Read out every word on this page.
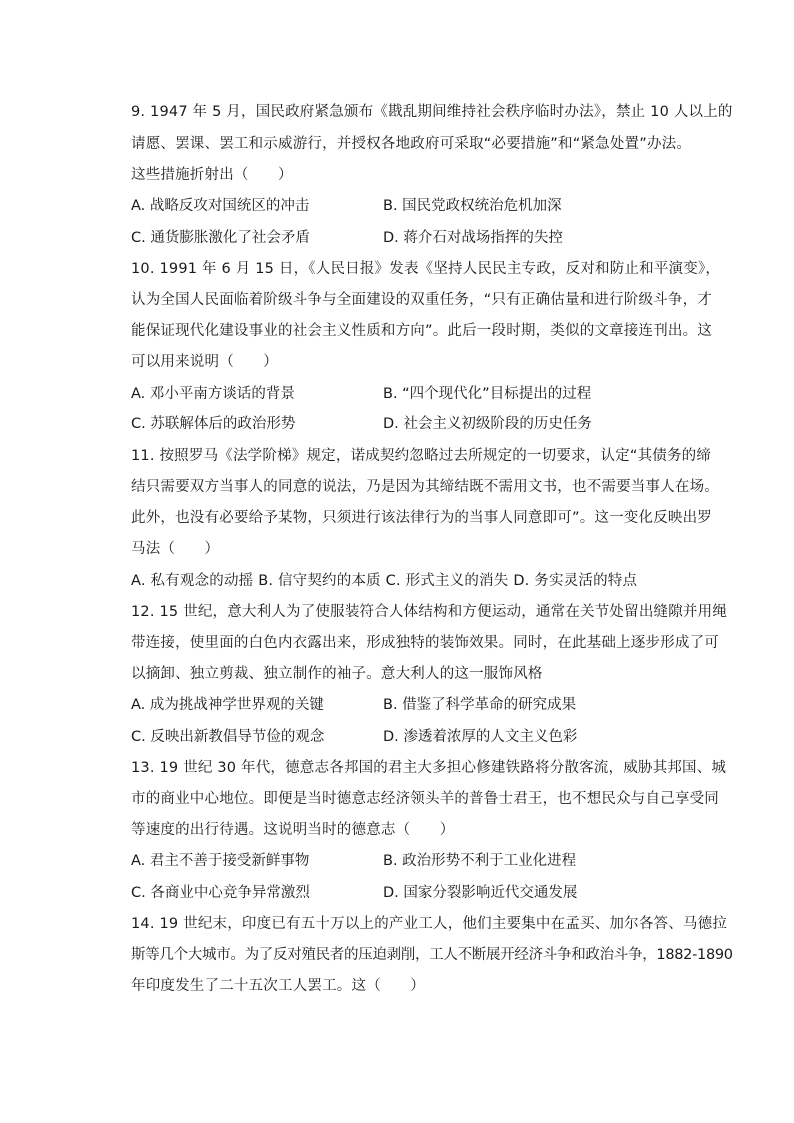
9. 1947 年 5 月，国民政府紧急颁布《戡乱期间维持社会秩序临时办法》，禁止 10 人以上的
请愿、罢课、罢工和示威游行，并授权各地政府可采取“必要措施”和“紧急处置”办法。
这些措施折射出（　　）
A. 战略反攻对国统区的冲击	B. 国民党政权统治危机加深
C. 通货膨胀激化了社会矛盾	D. 蒋介石对战场指挥的失控
10. 1991 年 6 月 15 日，《人民日报》发表《坚持人民民主专政，反对和防止和平演变》，
认为全国人民面临着阶级斗争与全面建设的双重任务，“只有正确估量和进行阶级斗争，才
能保证现代化建设事业的社会主义性质和方向”。此后一段时期，类似的文章接连刊出。这
可以用来说明（　　）
A. 邓小平南方谈话的背景	B. “四个现代化”目标提出的过程
C. 苏联解体后的政治形势	D. 社会主义初级阶段的历史任务
11. 按照罗马《法学阶梯》规定，诺成契约忽略过去所规定的一切要求，认定“其债务的缔
结只需要双方当事人的同意的说法，乃是因为其缔结既不需用文书，也不需要当事人在场。
此外，也没有必要给予某物，只须进行该法律行为的当事人同意即可”。这一变化反映出罗
马法（　　）
A. 私有观念的动摇 B. 信守契约的本质 C. 形式主义的消失 D. 务实灵活的特点
12. 15 世纪，意大利人为了使服装符合人体结构和方便运动，通常在关节处留出缝隙并用绳
带连接，使里面的白色内衣露出来，形成独特的装饰效果。同时，在此基础上逐步形成了可
以摘卸、独立剪裁、独立制作的袖子。意大利人的这一服饰风格
A. 成为挑战神学世界观的关键	B. 借鉴了科学革命的研究成果
C. 反映出新教倡导节俭的观念	D. 渗透着浓厚的人文主义色彩
13. 19 世纪 30 年代，德意志各邦国的君主大多担心修建铁路将分散客流，威胁其邦国、城
市的商业中心地位。即便是当时德意志经济领头羊的普鲁士君王，也不想民众与自己享受同
等速度的出行待遇。这说明当时的德意志（　　）
A. 君主不善于接受新鲜事物	B. 政治形势不利于工业化进程
C. 各商业中心竞争异常激烈	D. 国家分裂影响近代交通发展
14. 19 世纪末，印度已有五十万以上的产业工人，他们主要集中在孟买、加尔各答、马德拉
斯等几个大城市。为了反对殖民者的压迫剥削，工人不断展开经济斗争和政治斗争，1882-1890
年印度发生了二十五次工人罢工。这（　　）
